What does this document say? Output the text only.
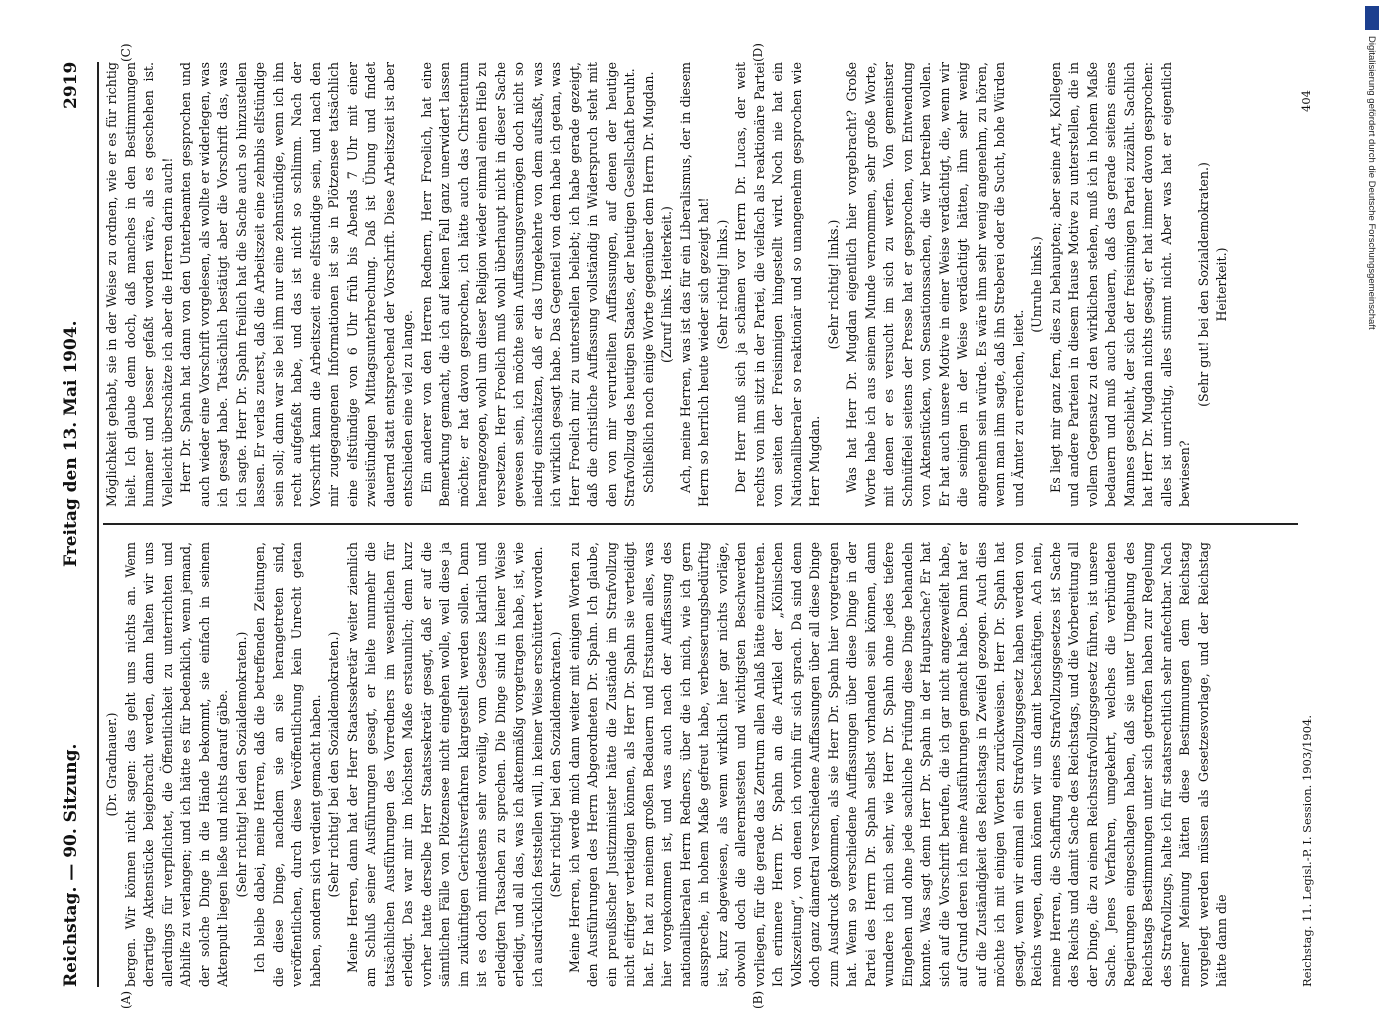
Reichstag. — 90. Sitzung.
Freitag den 13. Mai 1904.
2919
(A)	(B)
(C)	(D)

(Dr. Gradnauer.) bergen. Wir können nicht sagen: das geht uns nichts an. Wenn derartige Aktenstücke beigebracht werden, dann halten wir uns allerdings für verpflichtet, die Öffentlichkeit zu unterrichten und Abhilfe zu verlangen; und ich hätte es für bedenklich, wenn jemand, der solche Dinge in die Hände bekommt, sie einfach in seinem Aktenpult liegen ließe und nichts darauf gäbe. (Sehr richtig! bei den Sozialdemokraten.) Ich bleibe dabei, meine Herren, daß die betreffenden Zeitungen, die diese Dinge, nachdem sie an sie herangetreten sind, veröffentlichen, durch diese Veröffentlichung kein Unrecht getan haben, sondern sich verdient gemacht haben. (Sehr richtig! bei den Sozialdemokraten.) Meine Herren, dann hat der Herr Staatssekretär weiter ziemlich am Schluß seiner Ausführungen gesagt, er hielte nunmehr die tatsächlichen Ausführungen des Vorredners im wesentlichen für erledigt. Das war mir im höchsten Maße erstaunlich; denn kurz vorher hatte derselbe Herr Staatssekretär gesagt, daß er auf die sämtlichen Fälle von Plötzensee nicht eingehen wolle, weil diese ja im zukünftigen Gerichtsverfahren klargestellt werden sollen. Dann ist es doch mindestens sehr voreilig, vom Gesetzes klarlich und erledigten Tatsachen zu sprechen. Die Dinge sind in keiner Weise erledigt, und all das, was ich aktenmäßig vorgetragen habe, ist, wie ich ausdrücklich feststellen will, in keiner Weise erschüttert worden. (Sehr richtig! bei den Sozialdemokraten.) Meine Herren, ich werde mich dann weiter mit einigen Worten zu den Ausführungen des Herrn Abgeordneten Dr. Spahn. Ich glaube, ein preußischer Justizminister hätte die Zustände im Strafvollzug nicht eifriger verteidigen können, als Herr Dr. Spahn sie verteidigt hat. Er hat zu meinem großen Bedauern und Erstaunen alles, was hier vorgekommen ist, und was auch nach der Auffassung des nationalliberalen Herrn Redners, über die ich mich, wie ich gern ausspreche, in hohem Maße gefreut habe, verbesserungsbedürftig ist, kurz abgewiesen, als wenn wirklich hier gar nichts vorläge, obwohl doch die allerernstesten und wichtigsten Beschwerden vorliegen, für die gerade das Zentrum allen Anlaß hätte einzutreten. Ich erinnere Herrn Dr. Spahn an die Artikel der „Kölnischen Volkszeitung“, von denen ich vorhin für sich sprach. Da sind denn doch ganz diametral verschiedene Auffassungen über all diese Dinge zum Ausdruck gekommen, als sie Herr Dr. Spahn hier vorgetragen hat. Wenn so verschiedene Auffassungen über diese Dinge in der Partei des Herrn Dr. Spahn selbst vorhanden sein können, dann wundere ich mich sehr, wie Herr Dr. Spahn ohne jedes tiefere Eingehen und ohne jede sachliche Prüfung diese Dinge behandeln konnte. Was sagt denn Herr Dr. Spahn in der Hauptsache? Er hat sich auf die Vorschrift berufen, die ich gar nicht angezweifelt habe, auf Grund deren ich meine Ausführungen gemacht habe. Dann hat er auf die Zuständigkeit des Reichstags in Zweifel gezogen. Auch dies möchte ich mit einigen Worten zurückweisen. Herr Dr. Spahn hat gesagt, wenn wir einmal ein Strafvollzugsgesetz haben werden von Reichs wegen, dann können wir uns damit beschäftigen. Ach nein, meine Herren, die Schaffung eines Strafvollzugsgesetzes ist Sache des Reichs und damit Sache des Reichstags, und die Vorbereitung all der Dinge, die zu einem Reichsstrafvollzugsgesetz führen, ist unsere Sache. Jenes Verfahren, umgekehrt, welches die verbündeten Regierungen eingeschlagen haben, daß sie unter Umgehung des Reichstags Bestimmungen unter sich getroffen haben zur Regelung des Strafvollzugs, halte ich für staatsrechtlich sehr anfechtbar. Nach meiner Meinung hätten diese Bestimmungen dem Reichstag vorgelegt werden müssen als Gesetzesvorlage, und der Reichstag hätte dann die

Möglichkeit gehabt, sie in der Weise zu ordnen, wie er es für richtig hielt. Ich glaube denn doch, daß manches in den Bestimmungen humaner und besser gefaßt worden wäre, als es geschehen ist. Vielleicht überschätze ich aber die Herren darin auch! Herr Dr. Spahn hat dann von den Unterbeamten gesprochen und auch wieder eine Vorschrift vorgelesen, als wollte er widerlegen, was ich gesagt habe. Tatsächlich bestätigt aber die Vorschrift das, was ich sagte. Herr Dr. Spahn freilich hat die Sache auch so hinzustellen lassen. Er verlas zuerst, daß die Arbeitszeit eine zehnbis elfstündige sein soll; dann war sie bei ihm nur eine zehnstündige, wenn ich ihn recht aufgefaßt habe, und das ist nicht so schlimm. Nach der Vorschrift kann die Arbeitszeit eine elfstündige sein, und nach den mir zugegangenen Informationen ist sie in Plötzensee tatsächlich eine elfstündige von 6 Uhr früh bis Abends 7 Uhr mit einer zweistündigen Mittagsunterbrechung. Daß ist Übung und findet dauernd statt entsprechend der Vorschrift. Diese Arbeitszeit ist aber entschieden eine viel zu lange. Ein anderer von den Herren Rednern, Herr Froelich, hat eine Bemerkung gemacht, die ich auf keinen Fall ganz unerwidert lassen möchte; er hat davon gesprochen, ich hätte auch das Christentum herangezogen, wohl um dieser Religion wieder einmal einen Hieb zu versetzen. Herr Froelich muß wohl überhaupt nicht in dieser Sache gewesen sein, ich möchte sein Auffassungsvermögen doch nicht so niedrig einschätzen, daß er das Umgekehrte von dem aufsaßt, was ich wirklich gesagt habe. Das Gegenteil von dem habe ich getan, was Herr Froelich mir zu unterstellen beliebt; ich habe gerade gezeigt, daß die christliche Auffassung vollständig in Widerspruch steht mit den von mir verurteilten Auffassungen, auf denen der heutige Strafvollzug des heutigen Staates, der heutigen Gesellschaft beruht. Schließlich noch einige Worte gegenüber dem Herrn Dr. Mugdan. (Zuruf links. Heiterkeit.) Ach, meine Herren, was ist das für ein Liberalismus, der in diesem Herrn so herrlich heute wieder sich gezeigt hat! (Sehr richtig! links.) Der Herr muß sich ja schämen vor Herrn Dr. Lucas, der weit rechts von ihm sitzt in der Partei, die vielfach als reaktionäre Partei von seiten der Freisinnigen hingestellt wird. Noch nie hat ein Nationalliberaler so reaktionär und so unangenehm gesprochen wie Herr Mugdan.

(Sehr richtig! links.) Was hat Herr Dr. Mugdan eigentlich hier vorgebracht? Große Worte habe ich aus seinem Munde vernommen, sehr große Worte, mit denen er es versucht im sich zu werfen. Von gemeinster Schnüffelei seitens der Presse hat er gesprochen, von Entwendung von Aktenstücken, von Sensationssachen, die wir betreiben wollen. Er hat auch unsere Motive in einer Weise verdächtigt, die, wenn wir die seinigen in der Weise verdächtigt hätten, ihm sehr wenig angenehm sein würde. Es wäre ihm sehr wenig angenehm, zu hören, wenn man ihm sagte, daß ihn Streberei oder die Sucht, hohe Würden und Ämter zu erreichen, leitet.

(Unruhe links.) Es liegt mir ganz fern, dies zu behaupten; aber seine Art, Kollegen und andere Parteien in diesem Hause Motive zu unterstellen, die in vollem Gegensatz zu den wirklichen stehen, muß ich in hohem Maße bedauern und muß auch bedauern, daß das gerade seitens eines Mannes geschieht, der sich der freisinnigen Partei zuzählt. Sachlich hat Herr Dr. Mugdan nichts gesagt; er hat immer davon gesprochen: alles ist unrichtig, alles stimmt nicht. Aber was hat er eigentlich bewiesen?

(Sehr gut! bei den Sozialdemokraten.) Heiterkeit.)

Reichstag. 11. Legisl.-P. I. Session. 1903/1904.
404	Digitalisierung gefördert durch die Deutsche Forschungsgemeinschaft
